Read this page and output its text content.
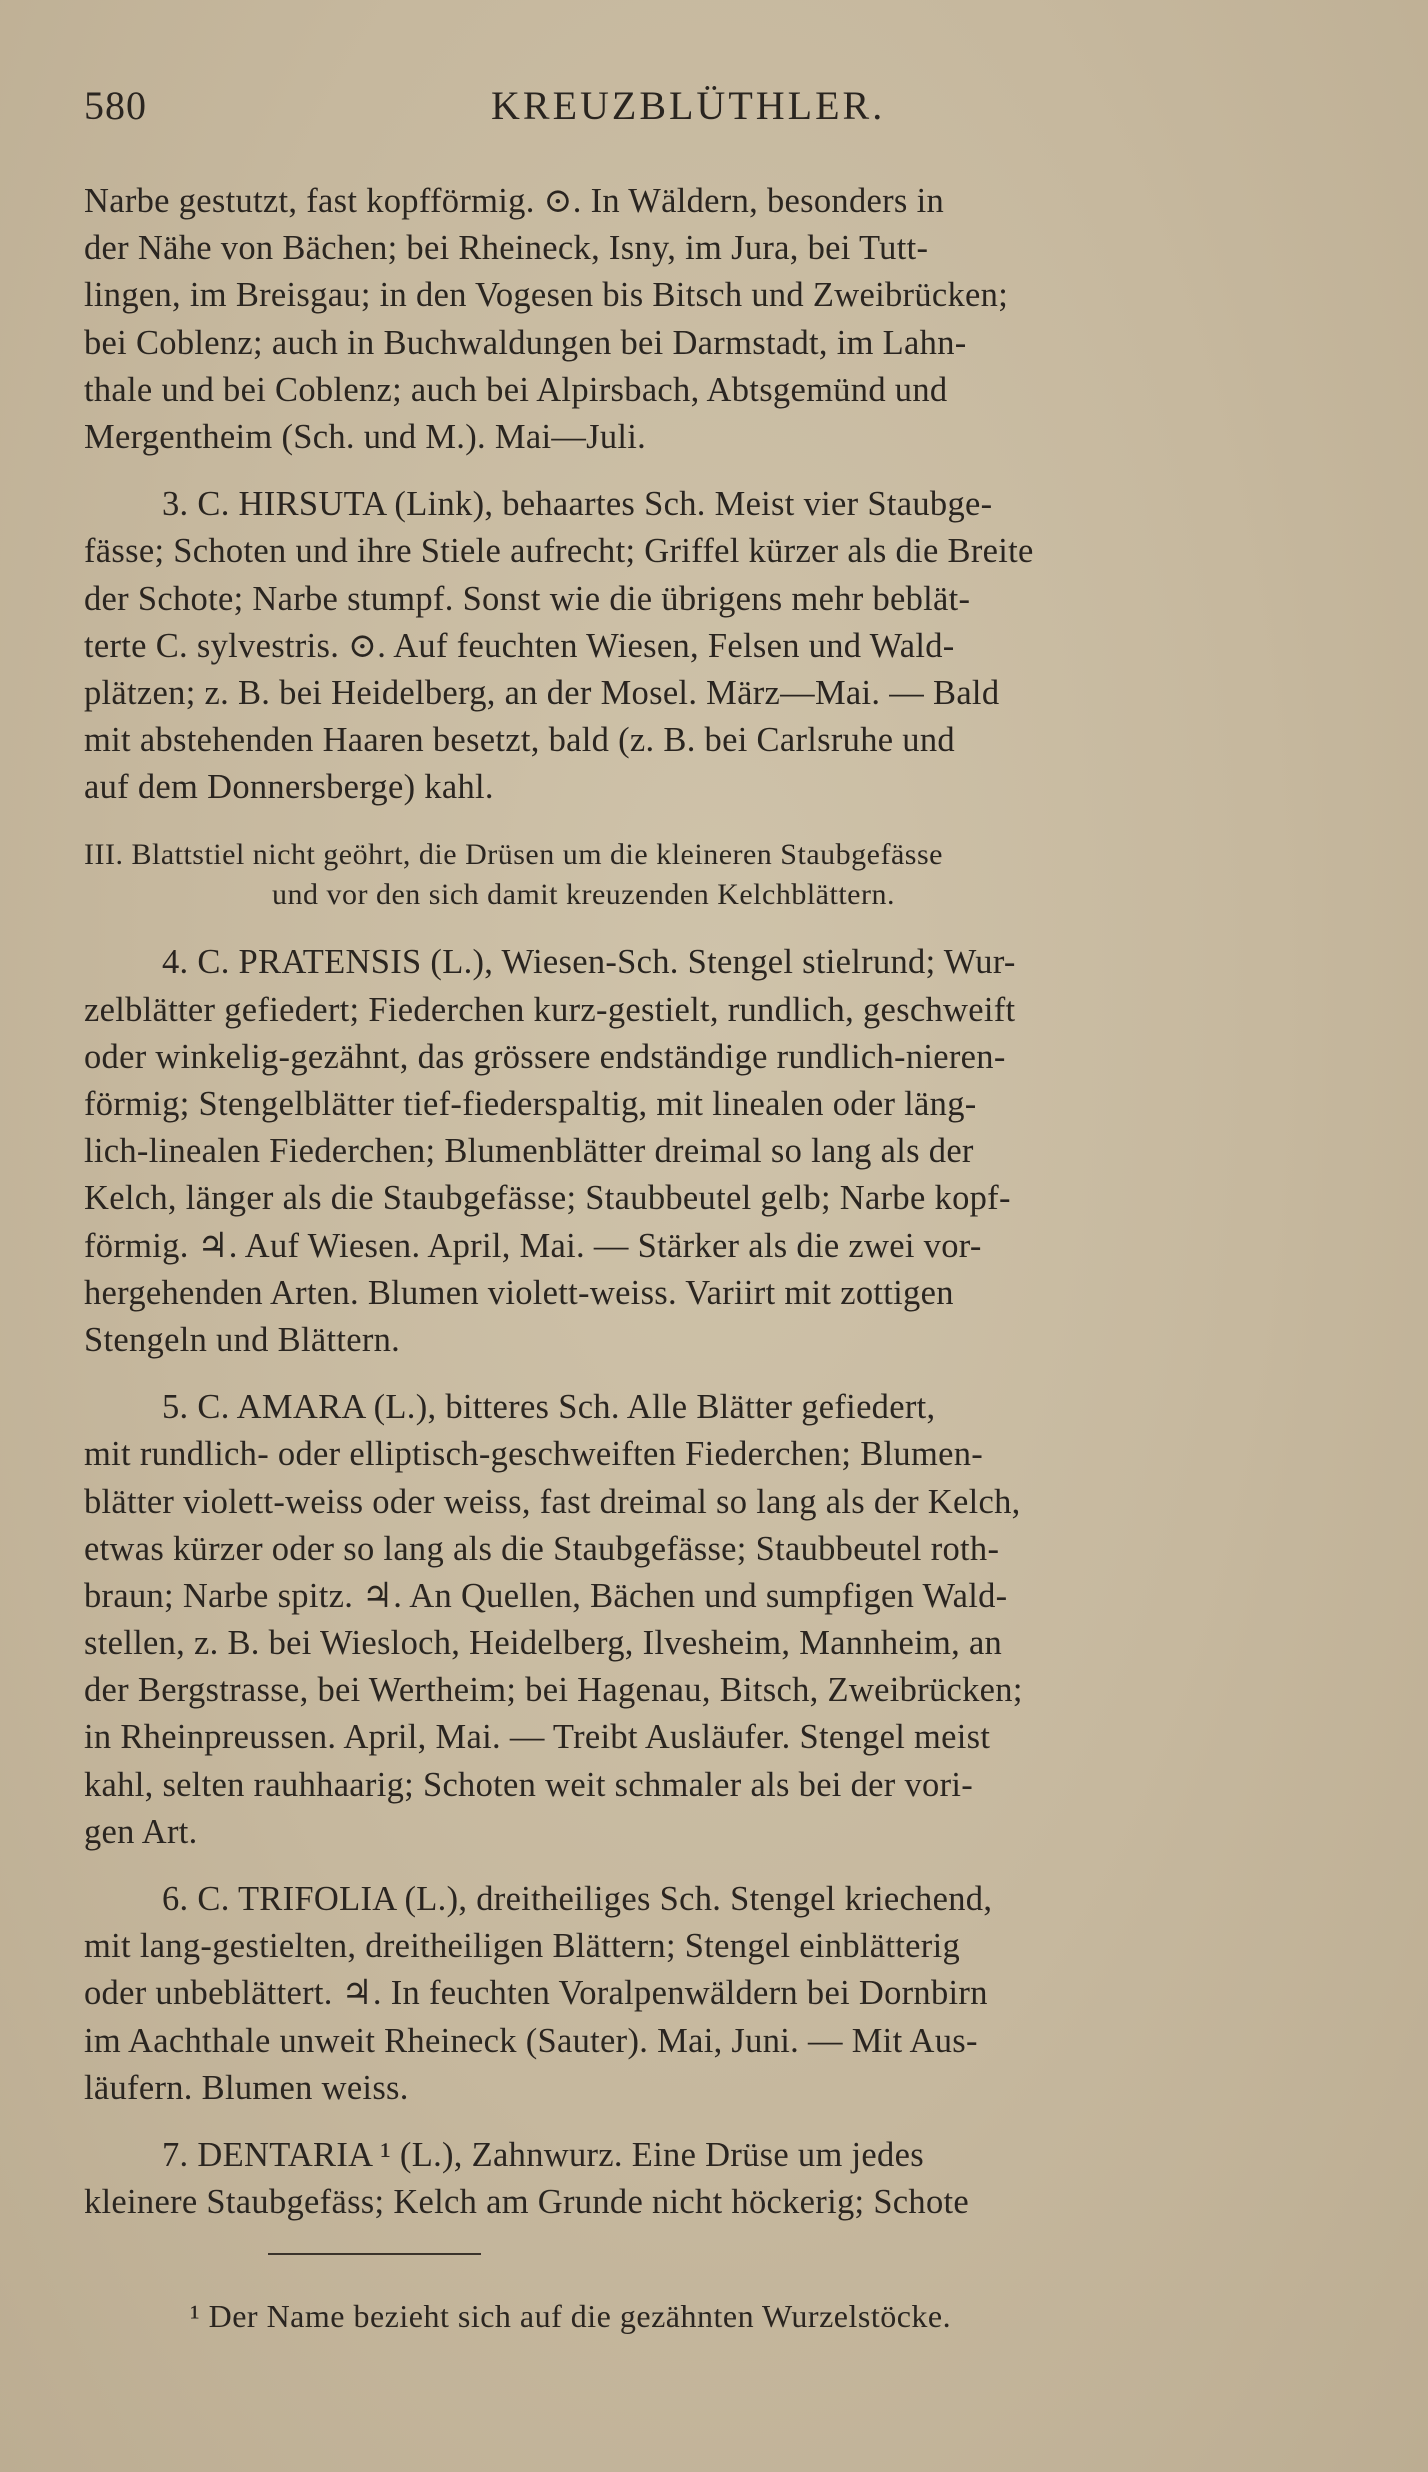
580	KREUZBLÜTHLER.
Narbe gestutzt, fast kopfförmig. ⊙. In Wäldern, besonders in
der Nähe von Bächen; bei Rheineck, Isny, im Jura, bei Tutt-
lingen, im Breisgau; in den Vogesen bis Bitsch und Zweibrücken;
bei Coblenz; auch in Buchwaldungen bei Darmstadt, im Lahn-
thale und bei Coblenz; auch bei Alpirsbach, Abtsgemünd und
Mergentheim (Sch. und M.). Mai—Juli.
3. C. HIRSUTA (Link), behaartes Sch. Meist vier Staubge-
fässe; Schoten und ihre Stiele aufrecht; Griffel kürzer als die Breite
der Schote; Narbe stumpf. Sonst wie die übrigens mehr beblät-
terte C. sylvestris. ⊙. Auf feuchten Wiesen, Felsen und Wald-
plätzen; z. B. bei Heidelberg, an der Mosel. März—Mai. — Bald
mit abstehenden Haaren besetzt, bald (z. B. bei Carlsruhe und
auf dem Donnersberge) kahl.
III. Blattstiel nicht geöhrt, die Drüsen um die kleineren Staubgefässe
und vor den sich damit kreuzenden Kelchblättern.
4. C. PRATENSIS (L.), Wiesen-Sch. Stengel stielrund; Wur-
zelblätter gefiedert; Fiederchen kurz-gestielt, rundlich, geschweift
oder winkelig-gezähnt, das grössere endständige rundlich-nieren-
förmig; Stengelblätter tief-fiederspaltig, mit linealen oder läng-
lich-linealen Fiederchen; Blumenblätter dreimal so lang als der
Kelch, länger als die Staubgefässe; Staubbeutel gelb; Narbe kopf-
förmig. ♃. Auf Wiesen. April, Mai. — Stärker als die zwei vor-
hergehenden Arten. Blumen violett-weiss. Variirt mit zottigen
Stengeln und Blättern.
5. C. AMARA (L.), bitteres Sch. Alle Blätter gefiedert,
mit rundlich- oder elliptisch-geschweiften Fiederchen; Blumen-
blätter violett-weiss oder weiss, fast dreimal so lang als der Kelch,
etwas kürzer oder so lang als die Staubgefässe; Staubbeutel roth-
braun; Narbe spitz. ♃. An Quellen, Bächen und sumpfigen Wald-
stellen, z. B. bei Wiesloch, Heidelberg, Ilvesheim, Mannheim, an
der Bergstrasse, bei Wertheim; bei Hagenau, Bitsch, Zweibrücken;
in Rheinpreussen. April, Mai. — Treibt Ausläufer. Stengel meist
kahl, selten rauhhaarig; Schoten weit schmaler als bei der vori-
gen Art.
6. C. TRIFOLIA (L.), dreitheiliges Sch. Stengel kriechend,
mit lang-gestielten, dreitheiligen Blättern; Stengel einblätterig
oder unbeblättert. ♃. In feuchten Voralpenwäldern bei Dornbirn
im Aachthale unweit Rheineck (Sauter). Mai, Juni. — Mit Aus-
läufern. Blumen weiss.
7. DENTARIA ¹ (L.), Zahnwurz. Eine Drüse um jedes
kleinere Staubgefäss; Kelch am Grunde nicht höckerig; Schote
¹ Der Name bezieht sich auf die gezähnten Wurzelstöcke.
